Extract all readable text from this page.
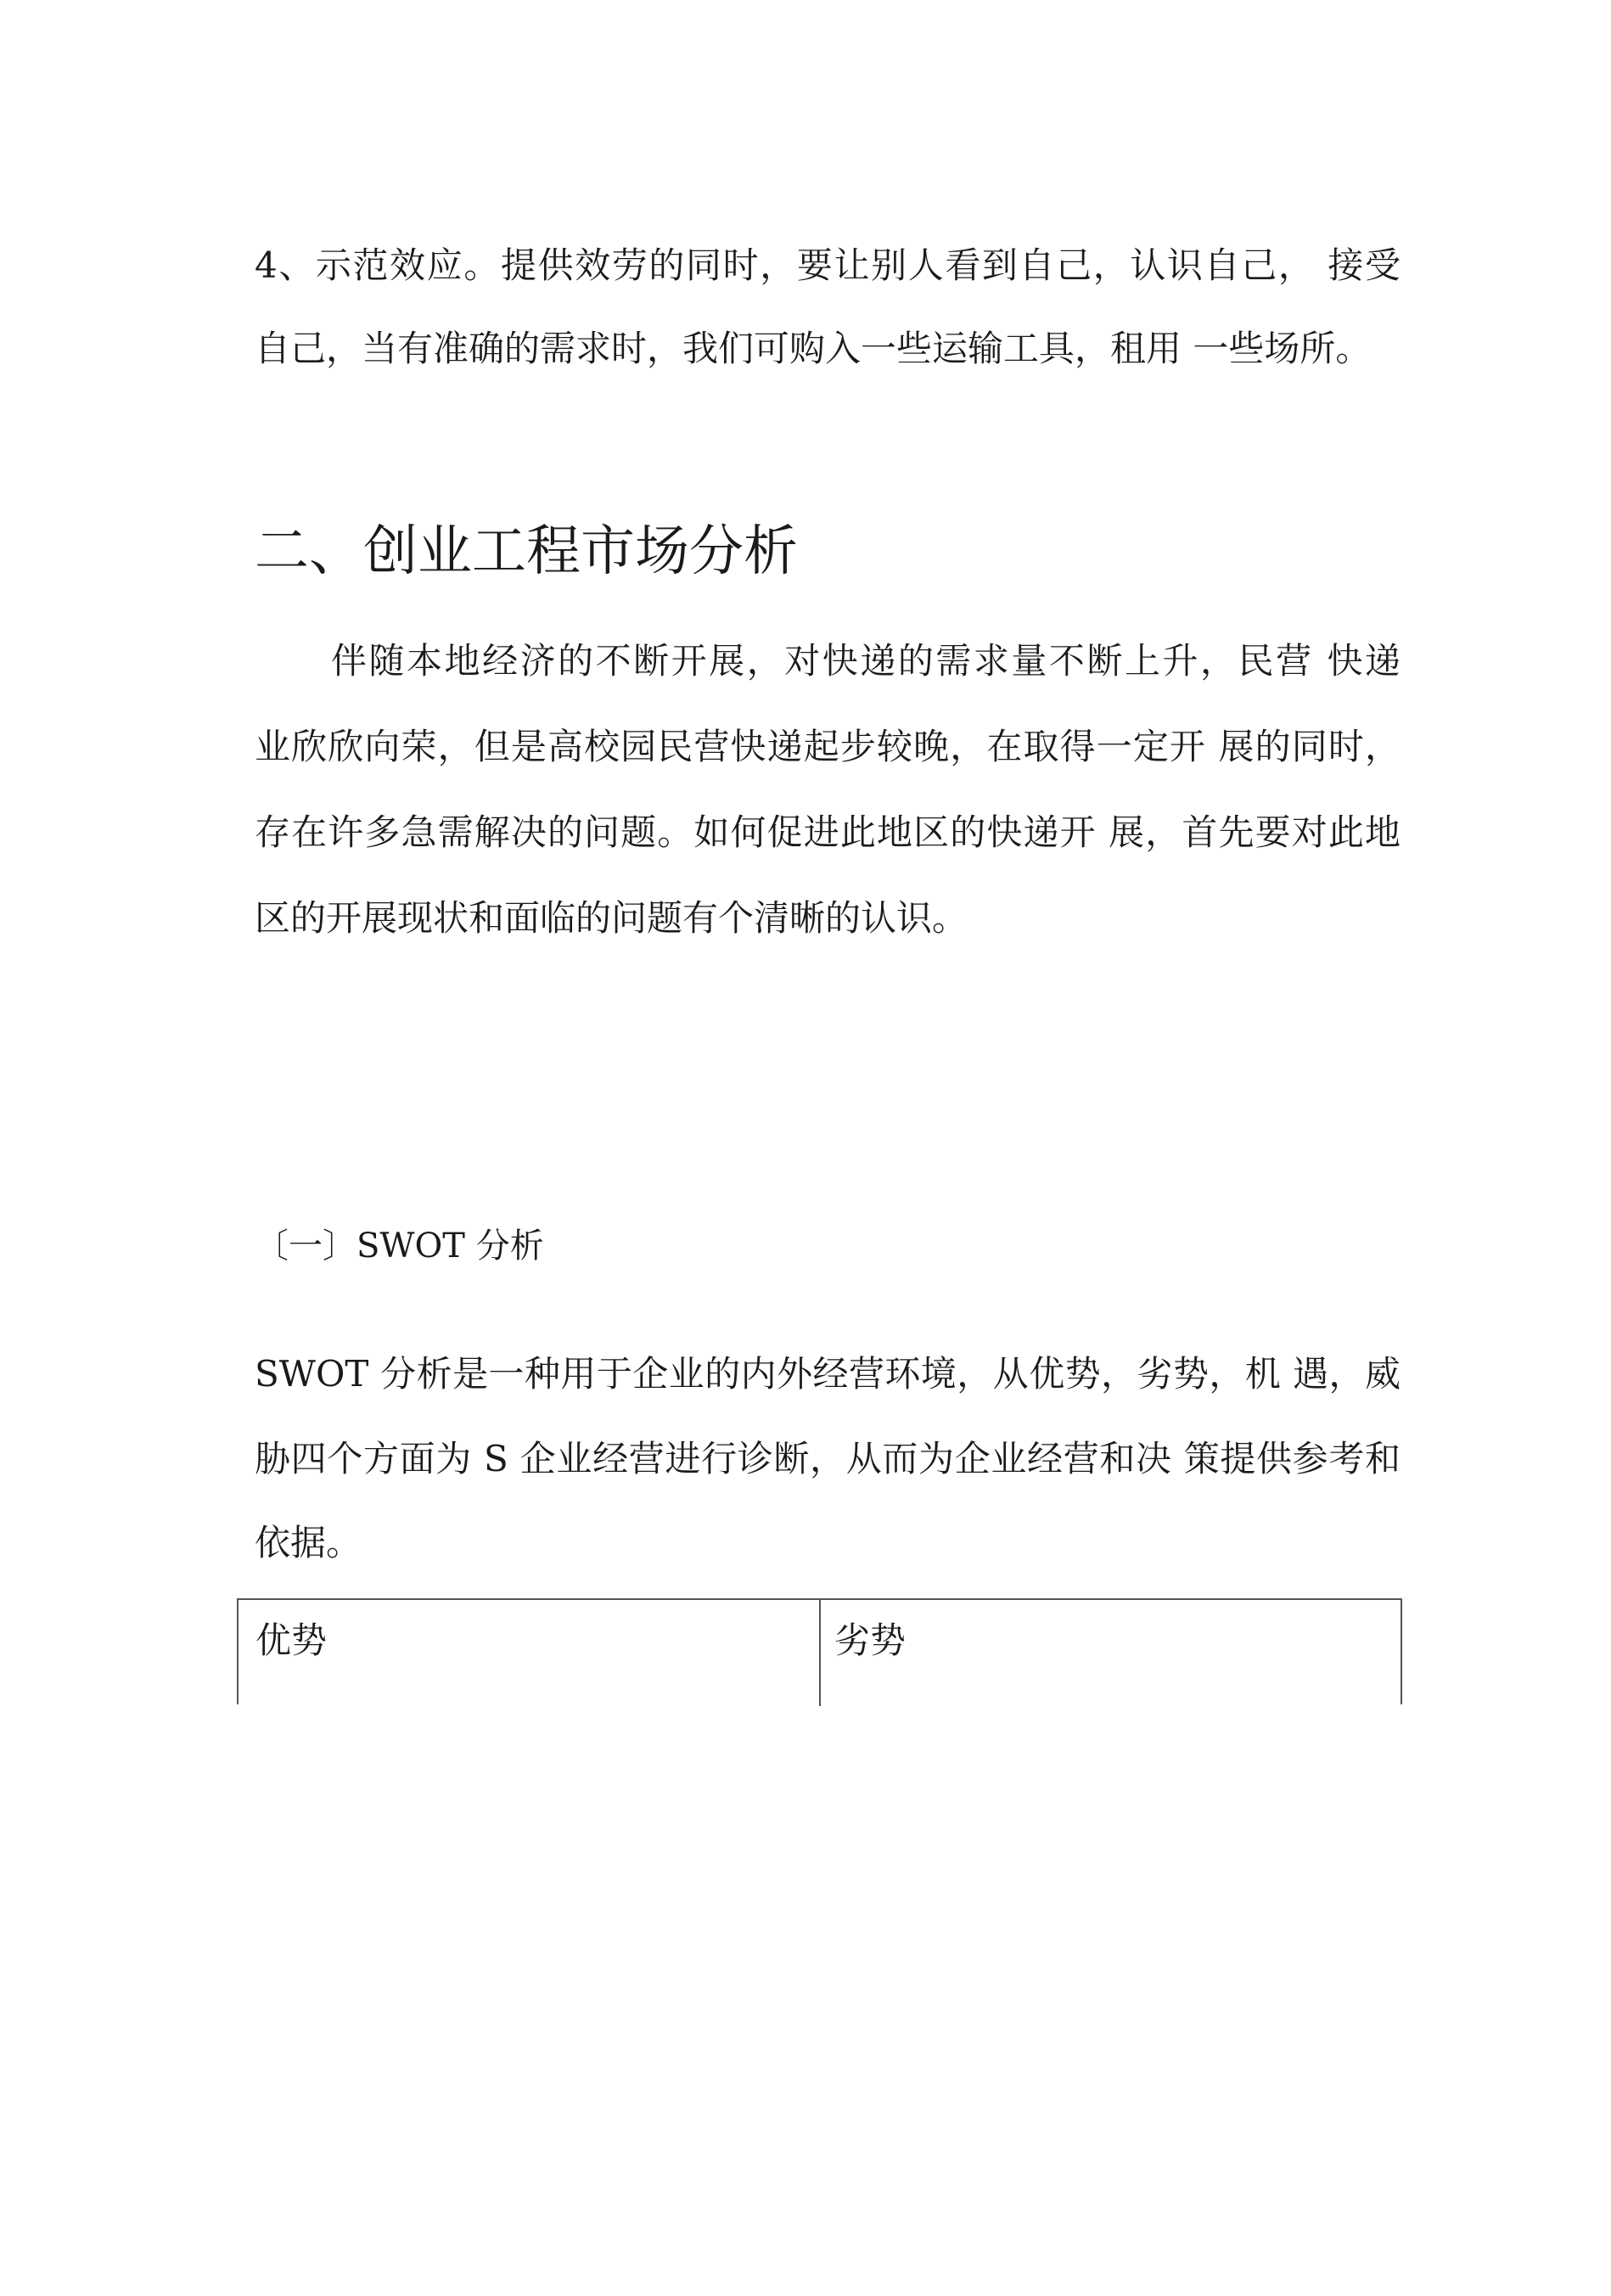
4、示范效应。提供效劳的同时，要让别人看到自己，认识自己， 接受
自己，当有准确的需求时，我们可购入一些运输工具，租用 一些场所。
二、创业工程市场分析
伴随本地经济的不断开展，对快递的需求量不断上升，民营 快递
业欣欣向荣，但是高校园民营快递起步较晚，在取得一定开 展的同时，
存在许多急需解决的问题。如何促进此地区的快递开 展，首先要对此地
区的开展现状和面临的问题有个清晰的认识。
〔一〕SWOT 分析
SWOT 分析是一种用于企业的内外经营环境，从优势，劣势，机 遇，威
胁四个方面为 S 企业经营进行诊断，从而为企业经营和决 策提供参考和
依据。
优势	劣势
